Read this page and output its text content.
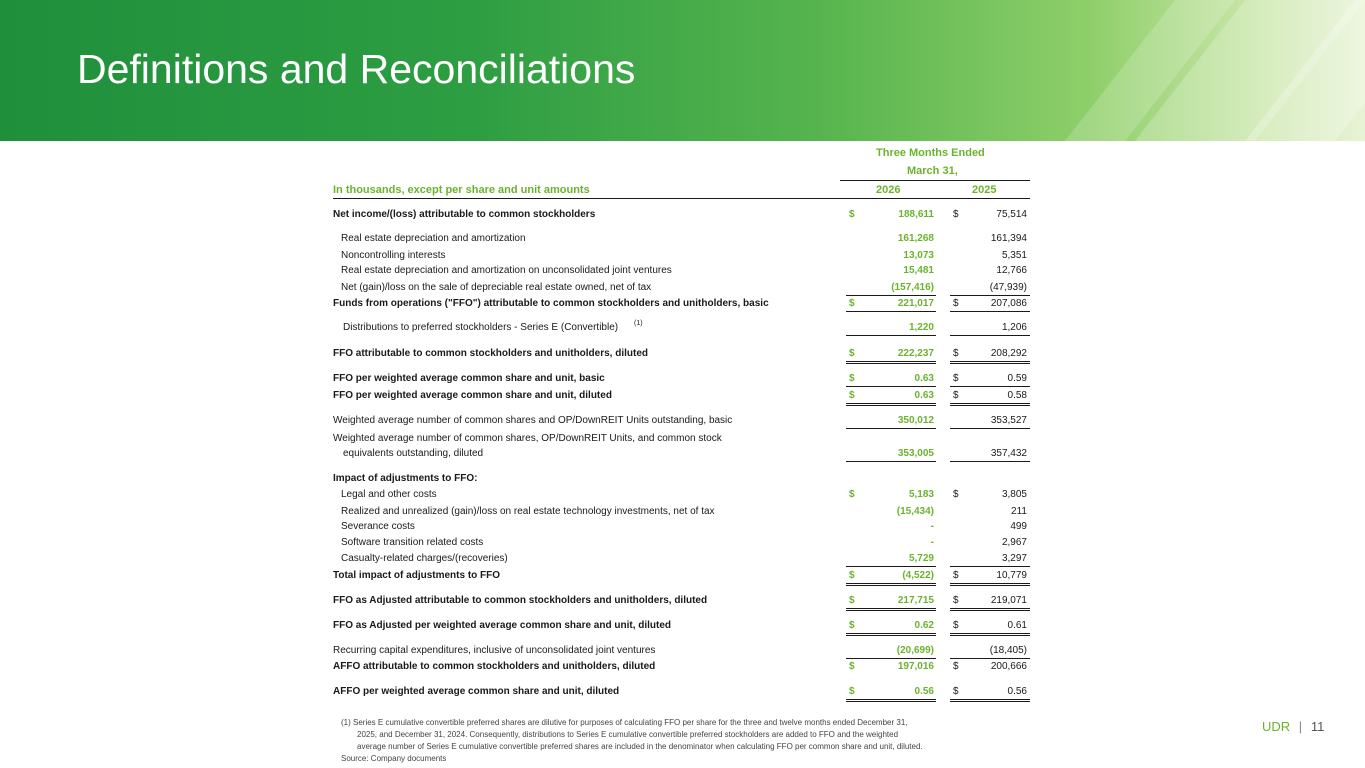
Definitions and Reconciliations
Three Months Ended
March 31,
In thousands, except per share and unit amounts	2026	2025
Net income/(loss) attributable to common stockholders	$	188,611 $	75,514
Real estate depreciation and amortization	161,268	161,394
Noncontrolling interests	13,073	5,351
Real estate depreciation and amortization on unconsolidated joint ventures	15,481	12,766
Net (gain)/loss on the sale of depreciable real estate owned, net of tax	(157,416)	(47,939)
Funds from operations ("FFO") attributable to common stockholders and unitholders, basic	$	221,017 $	207,086
Distributions to preferred stockholders - Series E (Convertible) (1)	1,220	1,206
FFO attributable to common stockholders and unitholders, diluted	$	222,237 $	208,292
FFO per weighted average common share and unit, basic	$	0.63 $	0.59
FFO per weighted average common share and unit, diluted	$	0.63 $	0.58
Weighted average number of common shares and OP/DownREIT Units outstanding, basic	350,012	353,527
Weighted average number of common shares, OP/DownREIT Units, and common stock
equivalents outstanding, diluted	353,005	357,432
Impact of adjustments to FFO:
Legal and other costs	$	5,183 $	3,805
Realized and unrealized (gain)/loss on real estate technology investments, net of tax	(15,434)	211
Severance costs	-	499
Software transition related costs	-	2,967
Casualty-related charges/(recoveries)	5,729	3,297
Total impact of adjustments to FFO	$	(4,522) $	10,779
FFO as Adjusted attributable to common stockholders and unitholders, diluted	$	217,715 $	219,071
FFO as Adjusted per weighted average common share and unit, diluted	$	0.62 $	0.61
Recurring capital expenditures, inclusive of unconsolidated joint ventures	(20,699)	(18,405)
AFFO attributable to common stockholders and unitholders, diluted	$	197,016 $	200,666
AFFO per weighted average common share and unit, diluted	$	0.56 $	0.56
(1) Series E cumulative convertible preferred shares are dilutive for purposes of calculating FFO per share for the three and twelve months ended December 31,
2025, and December 31, 2024. Consequently, distributions to Series E cumulative convertible preferred stockholders are added to FFO and the weighted
average number of Series E cumulative convertible preferred shares are included in the denominator when calculating FFO per common share and unit, diluted.
Source: Company documents
UDR | 11
